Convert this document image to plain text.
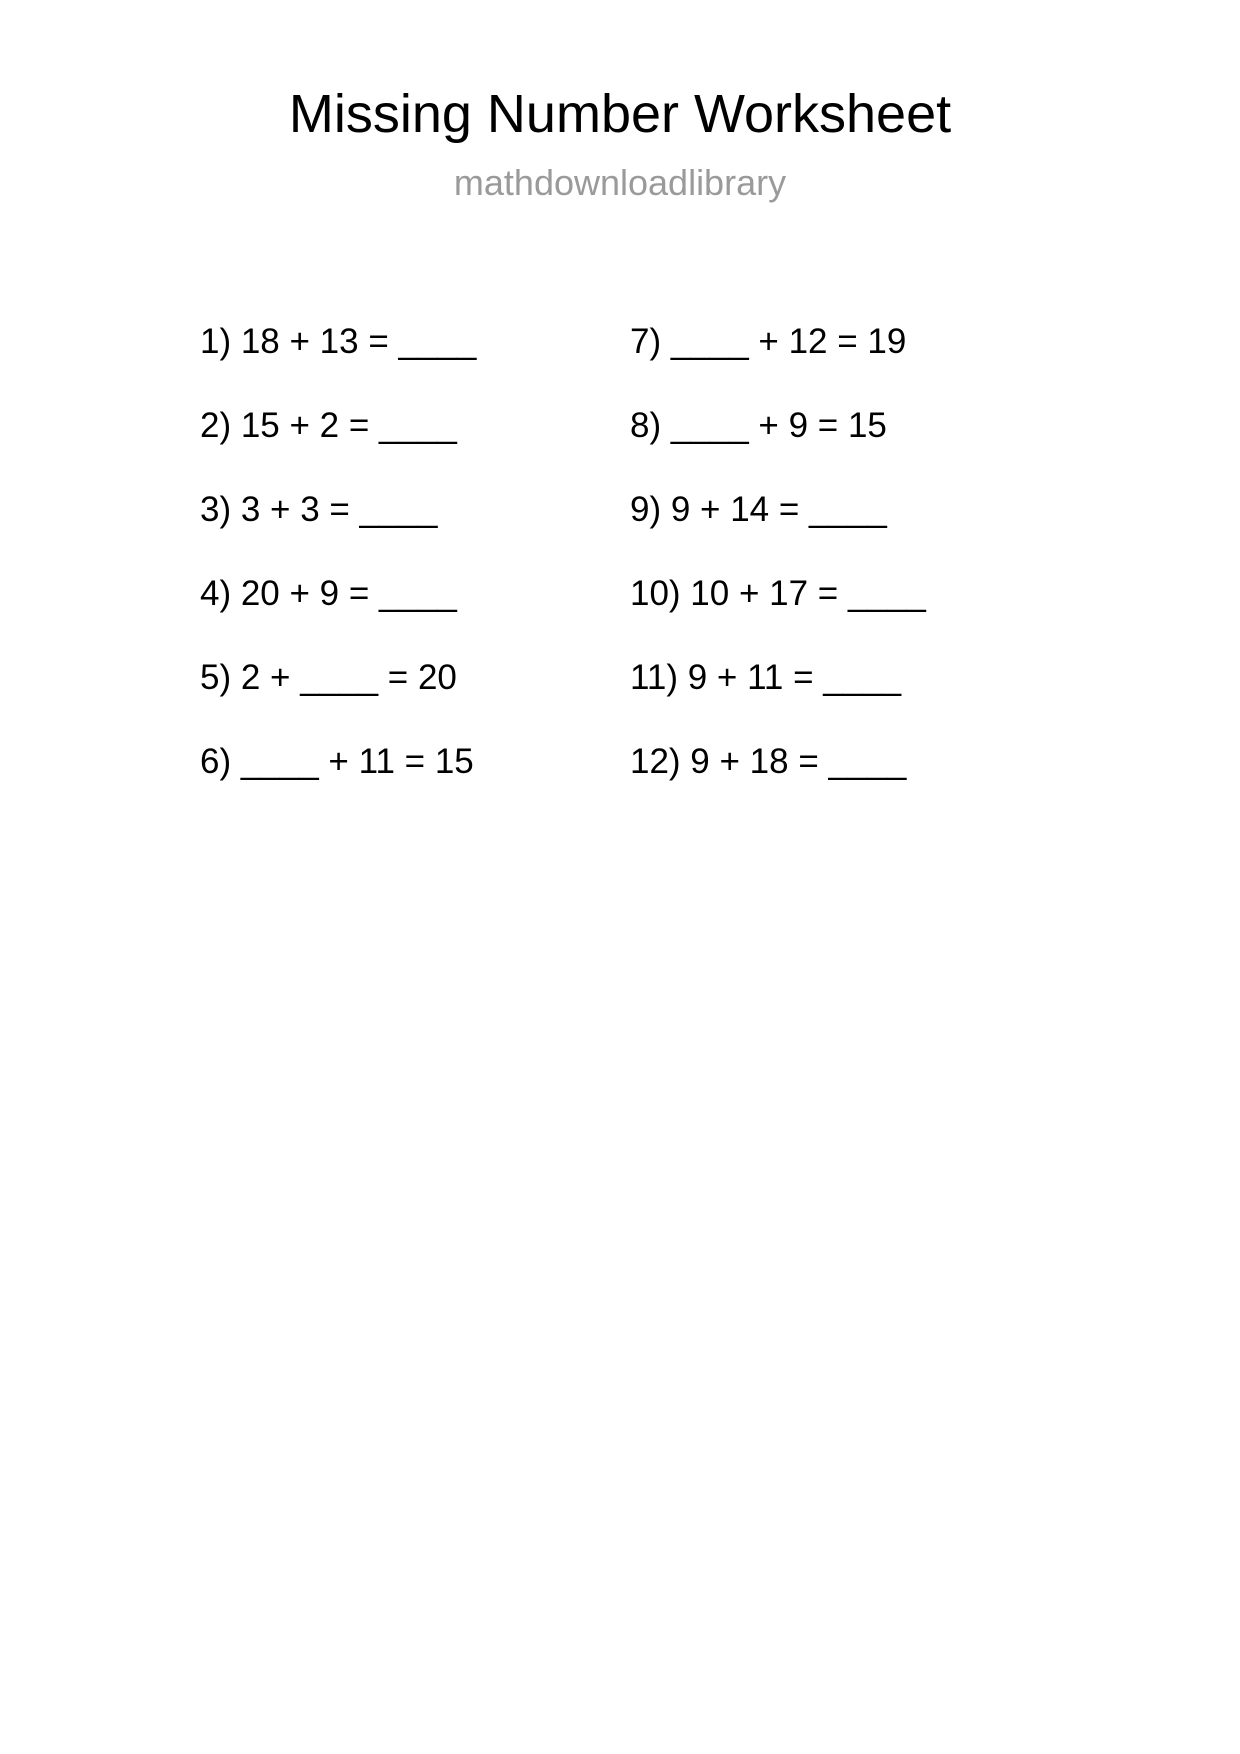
Missing Number Worksheet
mathdownloadlibrary
1) 18 + 13 = ____
2) 15 + 2 = ____
3) 3 + 3 = ____
4) 20 + 9 = ____
5) 2 + ____ = 20
6) ____ + 11 = 15
7) ____ + 12 = 19
8) ____ + 9 = 15
9) 9 + 14 = ____
10) 10 + 17 = ____
11) 9 + 11 = ____
12) 9 + 18 = ____
